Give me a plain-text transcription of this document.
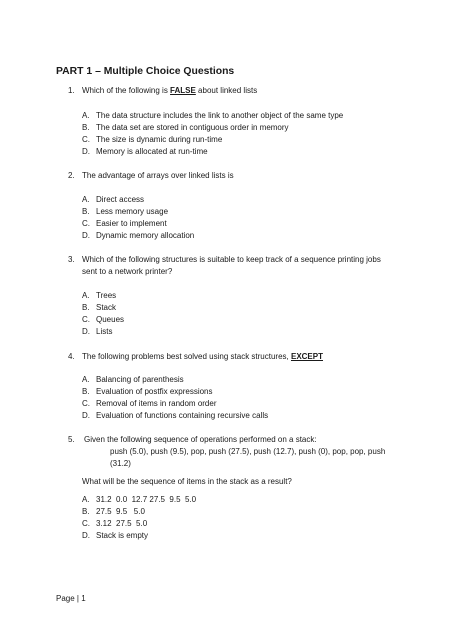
PART 1 – Multiple Choice Questions
1. Which of the following is FALSE about linked lists
A. The data structure includes the link to another object of the same type
B. The data set are stored in contiguous order in memory
C. The size is dynamic during run-time
D. Memory is allocated at run-time
2. The advantage of arrays over linked lists is
A. Direct access
B. Less memory usage
C. Easier to implement
D. Dynamic memory allocation
3. Which of the following structures is suitable to keep track of a sequence printing jobs
sent to a network printer?
A. Trees
B. Stack
C. Queues
D. Lists
4. The following problems best solved using stack structures, EXCEPT
A. Balancing of parenthesis
B. Evaluation of postfix expressions
C. Removal of items in random order
D. Evaluation of functions containing recursive calls
5.	Given the following sequence of operations performed on a stack:
push (5.0), push (9.5), pop, push (27.5), push (12.7), push (0), pop, pop, push
(31.2)
What will be the sequence of items in the stack as a result?
A. 31.2  0.0  12.7 27.5  9.5  5.0
B. 27.5  9.5   5.0
C. 3.12  27.5  5.0
D. Stack is empty
Page | 1
